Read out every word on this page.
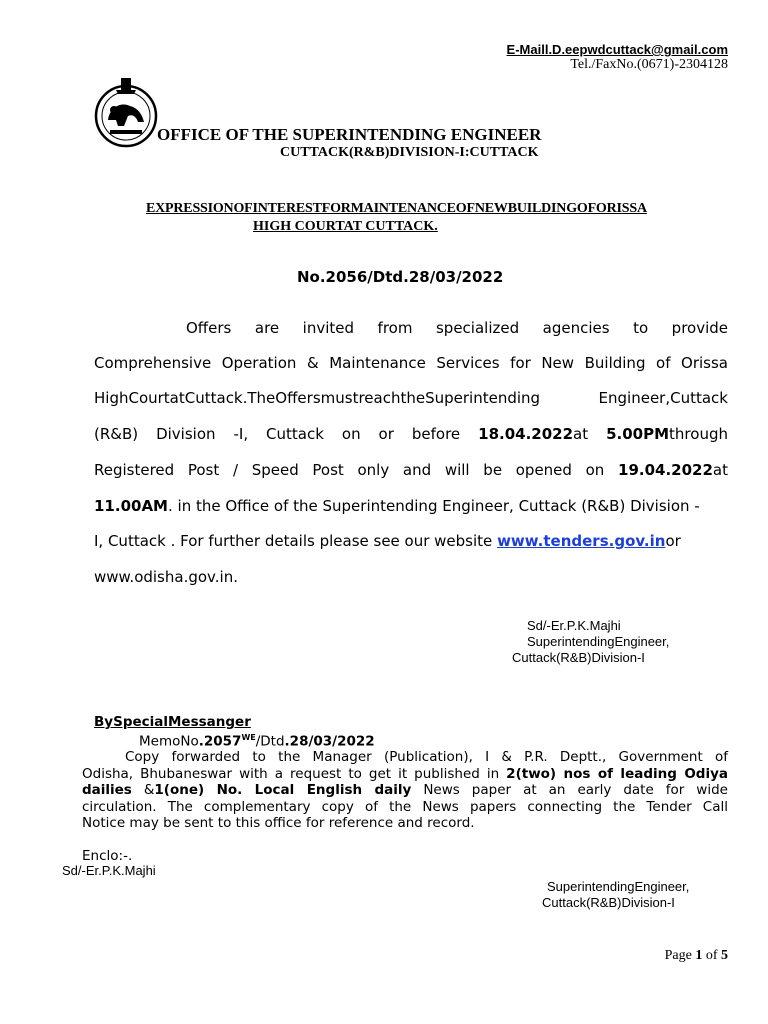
E-Maill.D.eepwdcuttack@gmail.com
Tel./FaxNo.(0671)-2304128
OFFICE OF THE SUPERINTENDING ENGINEER
CUTTACK(R&B)DIVISION-I:CUTTACK
EXPRESSIONOFINTERESTFORMAINTENANCEOFNEWBUILDINGOFORISSA
HIGH COURTAT CUTTACK.
No.2056/Dtd.28/03/2022
Offers are invited from specialized agencies to provide
Comprehensive Operation & Maintenance Services for New Building of Orissa
HighCourtatCuttack.TheOffersmustreachtheSuperintending	Engineer,Cuttack
(R&B) Division -I, Cuttack on or before 18.04.2022at 5.00PMthrough
Registered Post / Speed Post only and will be opened on 19.04.2022at
11.00AM. in the Office of the Superintending Engineer, Cuttack (R&B) Division -
I, Cuttack . For further details please see our website www.tenders.gov.inor
www.odisha.gov.in.
Sd/-Er.P.K.Majhi
SuperintendingEngineer,
Cuttack(R&B)Division-I
BySpecialMessanger
$MemoNo.2057^{WE}/Dtd.28/03/2022$
Copy forwarded to the Manager (Publication), I & P.R. Deptt., Government of
Odisha, Bhubaneswar with a request to get it published in 2(two) nos of leading Odiya
dailies &1(one) No. Local English daily News paper at an early date for wide
circulation. The complementary copy of the News papers connecting the Tender Call
Notice may be sent to this office for reference and record.
Enclo:-.
Sd/-Er.P.K.Majhi
SuperintendingEngineer,
Cuttack(R&B)Division-I
Page 1 of 5
